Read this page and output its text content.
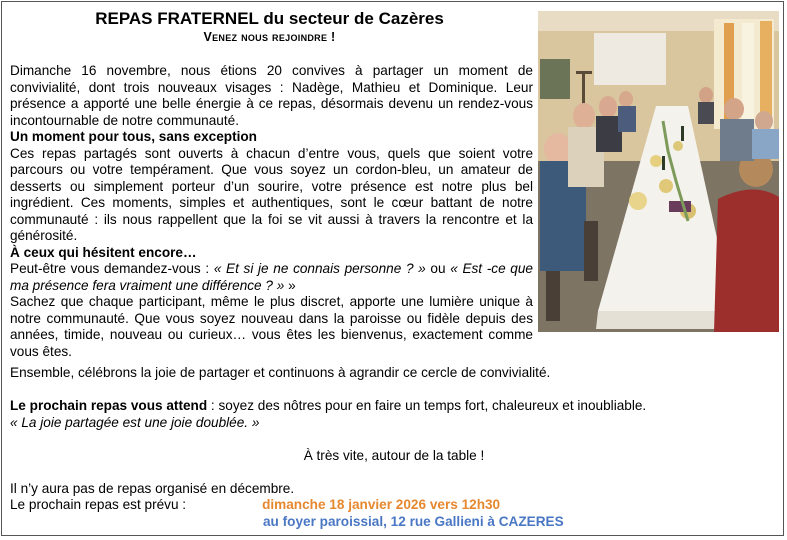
REPAS FRATERNEL du secteur de Cazères
Venez nous rejoindre !

Dimanche 16 novembre, nous étions 20 convives à partager un moment de convivialité, dont trois nouveaux visages : Nadège, Mathieu et Dominique. Leur présence a apporté une belle énergie à ce repas, désormais devenu un rendez-vous incontournable de notre communauté.

Un moment pour tous, sans exception

Ces repas partagés sont ouverts à chacun d’entre vous, quels que soient votre parcours ou votre tempérament. Que vous soyez un cordon-bleu, un amateur de desserts ou simplement porteur d’un sourire, votre présence est notre plus bel ingrédient. Ces moments, simples et authentiques, sont le cœur battant de notre communauté : ils nous rappellent que la foi se vit aussi à travers la rencontre et la générosité.

À ceux qui hésitent encore…

Peut-être vous demandez-vous : « Et si je ne connais personne ? » ou « Est -ce que ma présence fera vraiment une différence ? » »

Sachez que chaque participant, même le plus discret, apporte une lumière unique à notre communauté. Que vous soyez nouveau dans la paroisse ou fidèle depuis des années, timide, nouveau ou curieux… vous êtes les bienvenus, exactement comme vous êtes.

Ensemble, célébrons la joie de partager et continuons à agrandir ce cercle de convivialité.

Le prochain repas vous attend : soyez des nôtres pour en faire un temps fort, chaleureux et inoubliable.

« La joie partagée est une joie doublée. »

À très vite, autour de la table !

Il n’y aura pas de repas organisé en décembre.

Le prochain repas est prévu :	dimanche 18 janvier 2026 vers 12h30

au foyer paroissial, 12 rue Gallieni à CAZERES
